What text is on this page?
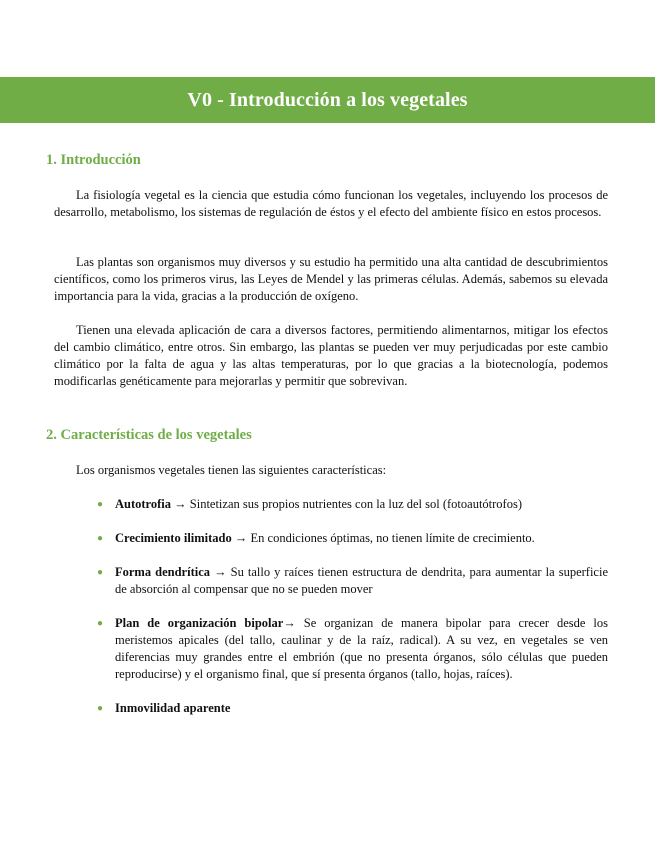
V0 - Introducción a los vegetales
1. Introducción

La fisiología vegetal es la ciencia que estudia cómo funcionan los vegetales, incluyendo los procesos de desarrollo, metabolismo, los sistemas de regulación de éstos y el efecto del ambiente físico en estos procesos.

Las plantas son organismos muy diversos y su estudio ha permitido una alta cantidad de descubrimientos científicos, como los primeros virus, las Leyes de Mendel y las primeras células. Además, sabemos su elevada importancia para la vida, gracias a la producción de oxígeno.

Tienen una elevada aplicación de cara a diversos factores, permitiendo alimentarnos, mitigar los efectos del cambio climático, entre otros. Sin embargo, las plantas se pueden ver muy perjudicadas por este cambio climático por la falta de agua y las altas temperaturas, por lo que gracias a la biotecnología, podemos modificarlas genéticamente para mejorarlas y permitir que sobrevivan.

2. Características de los vegetales

Los organismos vegetales tienen las siguientes características:

● Autotrofia → Sintetizan sus propios nutrientes con la luz del sol (fotoautótrofos)
● Crecimiento ilimitado → En condiciones óptimas, no tienen límite de crecimiento.
● Forma dendrítica → Su tallo y raíces tienen estructura de dendrita, para aumentar la superficie de absorción al compensar que no se pueden mover
● Plan de organización bipolar→ Se organizan de manera bipolar para crecer desde los meristemos apicales (del tallo, caulinar y de la raíz, radical). A su vez, en vegetales se ven diferencias muy grandes entre el embrión (que no presenta órganos, sólo células que pueden reproducirse) y el organismo final, que sí presenta órganos (tallo, hojas, raíces).
● Inmovilidad aparente
